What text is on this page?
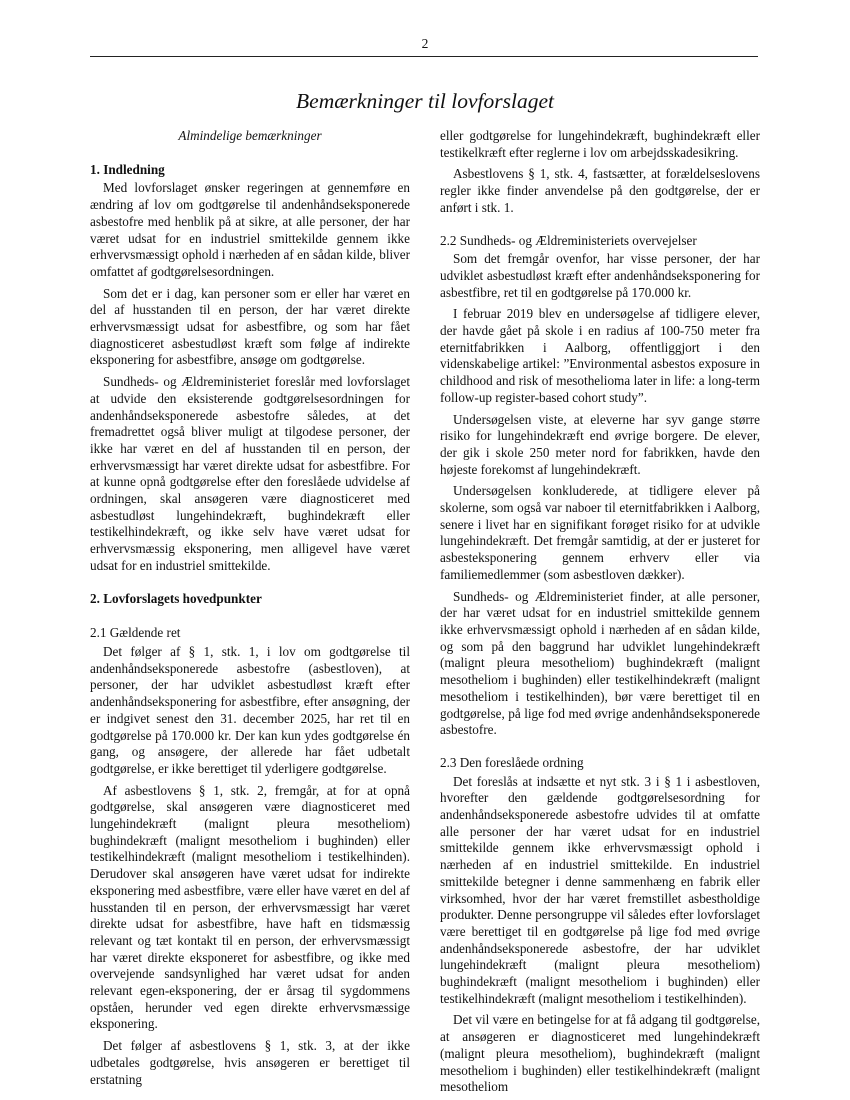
2
Bemærkninger til lovforslaget
Almindelige bemærkninger
1. Indledning

Med lovforslaget ønsker regeringen at gennemføre en ændring af lov om godtgørelse til andenhåndseksponerede asbestofre med henblik på at sikre, at alle personer, der har været udsat for en industriel smittekilde gennem ikke erhvervsmæssigt ophold i nærheden af en sådan kilde, bliver omfattet af godtgørelsesordningen.

Som det er i dag, kan personer som er eller har været en del af husstanden til en person, der har været direkte erhvervsmæssigt udsat for asbestfibre, og som har fået diagnosticeret asbestudløst kræft som følge af indirekte eksponering for asbestfibre, ansøge om godtgørelse.

Sundheds- og Ældreministeriet foreslår med lovforslaget at udvide den eksisterende godtgørelsesordningen for andenhåndseksponerede asbestofre således, at det fremadrettet også bliver muligt at tilgodese personer, der ikke har været en del af husstanden til en person, der erhvervsmæssigt har været direkte udsat for asbestfibre. For at kunne opnå godtgørelse efter den foreslåede udvidelse af ordningen, skal ansøgeren være diagnosticeret med asbestudløst lungehindekræft, bughindekræft eller testikelhindekræft, og ikke selv have været udsat for erhvervsmæssig eksponering, men alligevel have været udsat for en industriel smittekilde.

2. Lovforslagets hovedpunkter
2.1 Gældende ret

Det følger af § 1, stk. 1, i lov om godtgørelse til andenhåndseksponerede asbestofre (asbestloven), at personer, der har udviklet asbestudløst kræft efter andenhåndseksponering for asbestfibre, efter ansøgning, der er indgivet senest den 31. december 2025, har ret til en godtgørelse på 170.000 kr. Der kan kun ydes godtgørelse én gang, og ansøgere, der allerede har fået udbetalt godtgørelse, er ikke berettiget til yderligere godtgørelse.

Af asbestlovens § 1, stk. 2, fremgår, at for at opnå godtgørelse, skal ansøgeren være diagnosticeret med lungehindekræft (malignt pleura mesotheliom) bughindekræft (malignt mesotheliom i bughinden) eller testikelhindekræft (malignt mesotheliom i testikelhinden). Derudover skal ansøgeren have været udsat for indirekte eksponering med asbestfibre, være eller have været en del af husstanden til en person, der erhvervsmæssigt har været direkte udsat for asbestfibre, have haft en tidsmæssig relevant og tæt kontakt til en person, der erhvervsmæssigt har været direkte eksponeret for asbestfibre, og ikke med overvejende sandsynlighed har været udsat for anden relevant egen-eksponering, der er årsag til sygdommens opståen, herunder ved egen direkte erhvervsmæssige eksponering.

Det følger af asbestlovens § 1, stk. 3, at der ikke udbetales godtgørelse, hvis ansøgeren er berettiget til erstatning

eller godtgørelse for lungehindekræft, bughindekræft eller testikelkræft efter reglerne i lov om arbejdsskadesikring.

Asbestlovens § 1, stk. 4, fastsætter, at forældelseslovens regler ikke finder anvendelse på den godtgørelse, der er anført i stk. 1.

2.2 Sundheds- og Ældreministeriets overvejelser

Som det fremgår ovenfor, har visse personer, der har udviklet asbestudløst kræft efter andenhåndseksponering for asbestfibre, ret til en godtgørelse på 170.000 kr.

I februar 2019 blev en undersøgelse af tidligere elever, der havde gået på skole i en radius af 100-750 meter fra eternitfabrikken i Aalborg, offentliggjort i den videnskabelige artikel: ”Environmental asbestos exposure in childhood and risk of mesothelioma later in life: a long-term follow-up register-based cohort study”.

Undersøgelsen viste, at eleverne har syv gange større risiko for lungehindekræft end øvrige borgere. De elever, der gik i skole 250 meter nord for fabrikken, havde den højeste forekomst af lungehindekræft.

Undersøgelsen konkluderede, at tidligere elever på skolerne, som også var naboer til eternitfabrikken i Aalborg, senere i livet har en signifikant forøget risiko for at udvikle lungehindekræft. Det fremgår samtidig, at der er justeret for asbesteksponering gennem erhverv eller via familiemedlemmer (som asbestloven dækker).

Sundheds- og Ældreministeriet finder, at alle personer, der har været udsat for en industriel smittekilde gennem ikke erhvervsmæssigt ophold i nærheden af en sådan kilde, og som på den baggrund har udviklet lungehindekræft (malignt pleura mesotheliom) bughindekræft (malignt mesotheliom i bughinden) eller testikelhindekræft (malignt mesotheliom i testikelhinden), bør være berettiget til en godtgørelse, på lige fod med øvrige andenhåndseksponerede asbestofre.

2.3 Den foreslåede ordning

Det foreslås at indsætte et nyt stk. 3 i § 1 i asbestloven, hvorefter den gældende godtgørelsesordning for andenhåndseksponerede asbestofre udvides til at omfatte alle personer der har været udsat for en industriel smittekilde gennem ikke erhvervsmæssigt ophold i nærheden af en industriel smittekilde. En industriel smittekilde betegner i denne sammenhæng en fabrik eller virksomhed, hvor der har været fremstillet asbestholdige produkter. Denne persongruppe vil således efter lovforslaget være berettiget til en godtgørelse på lige fod med øvrige andenhåndseksponerede asbestofre, der har udviklet lungehindekræft (malignt pleura mesotheliom) bughindekræft (malignt mesotheliom i bughinden) eller testikelhindekræft (malignt mesotheliom i testikelhinden).

Det vil være en betingelse for at få adgang til godtgørelse, at ansøgeren er diagnosticeret med lungehindekræft (malignt pleura mesotheliom), bughindekræft (malignt mesotheliom i bughinden) eller testikelhindekræft (malignt mesotheliom
